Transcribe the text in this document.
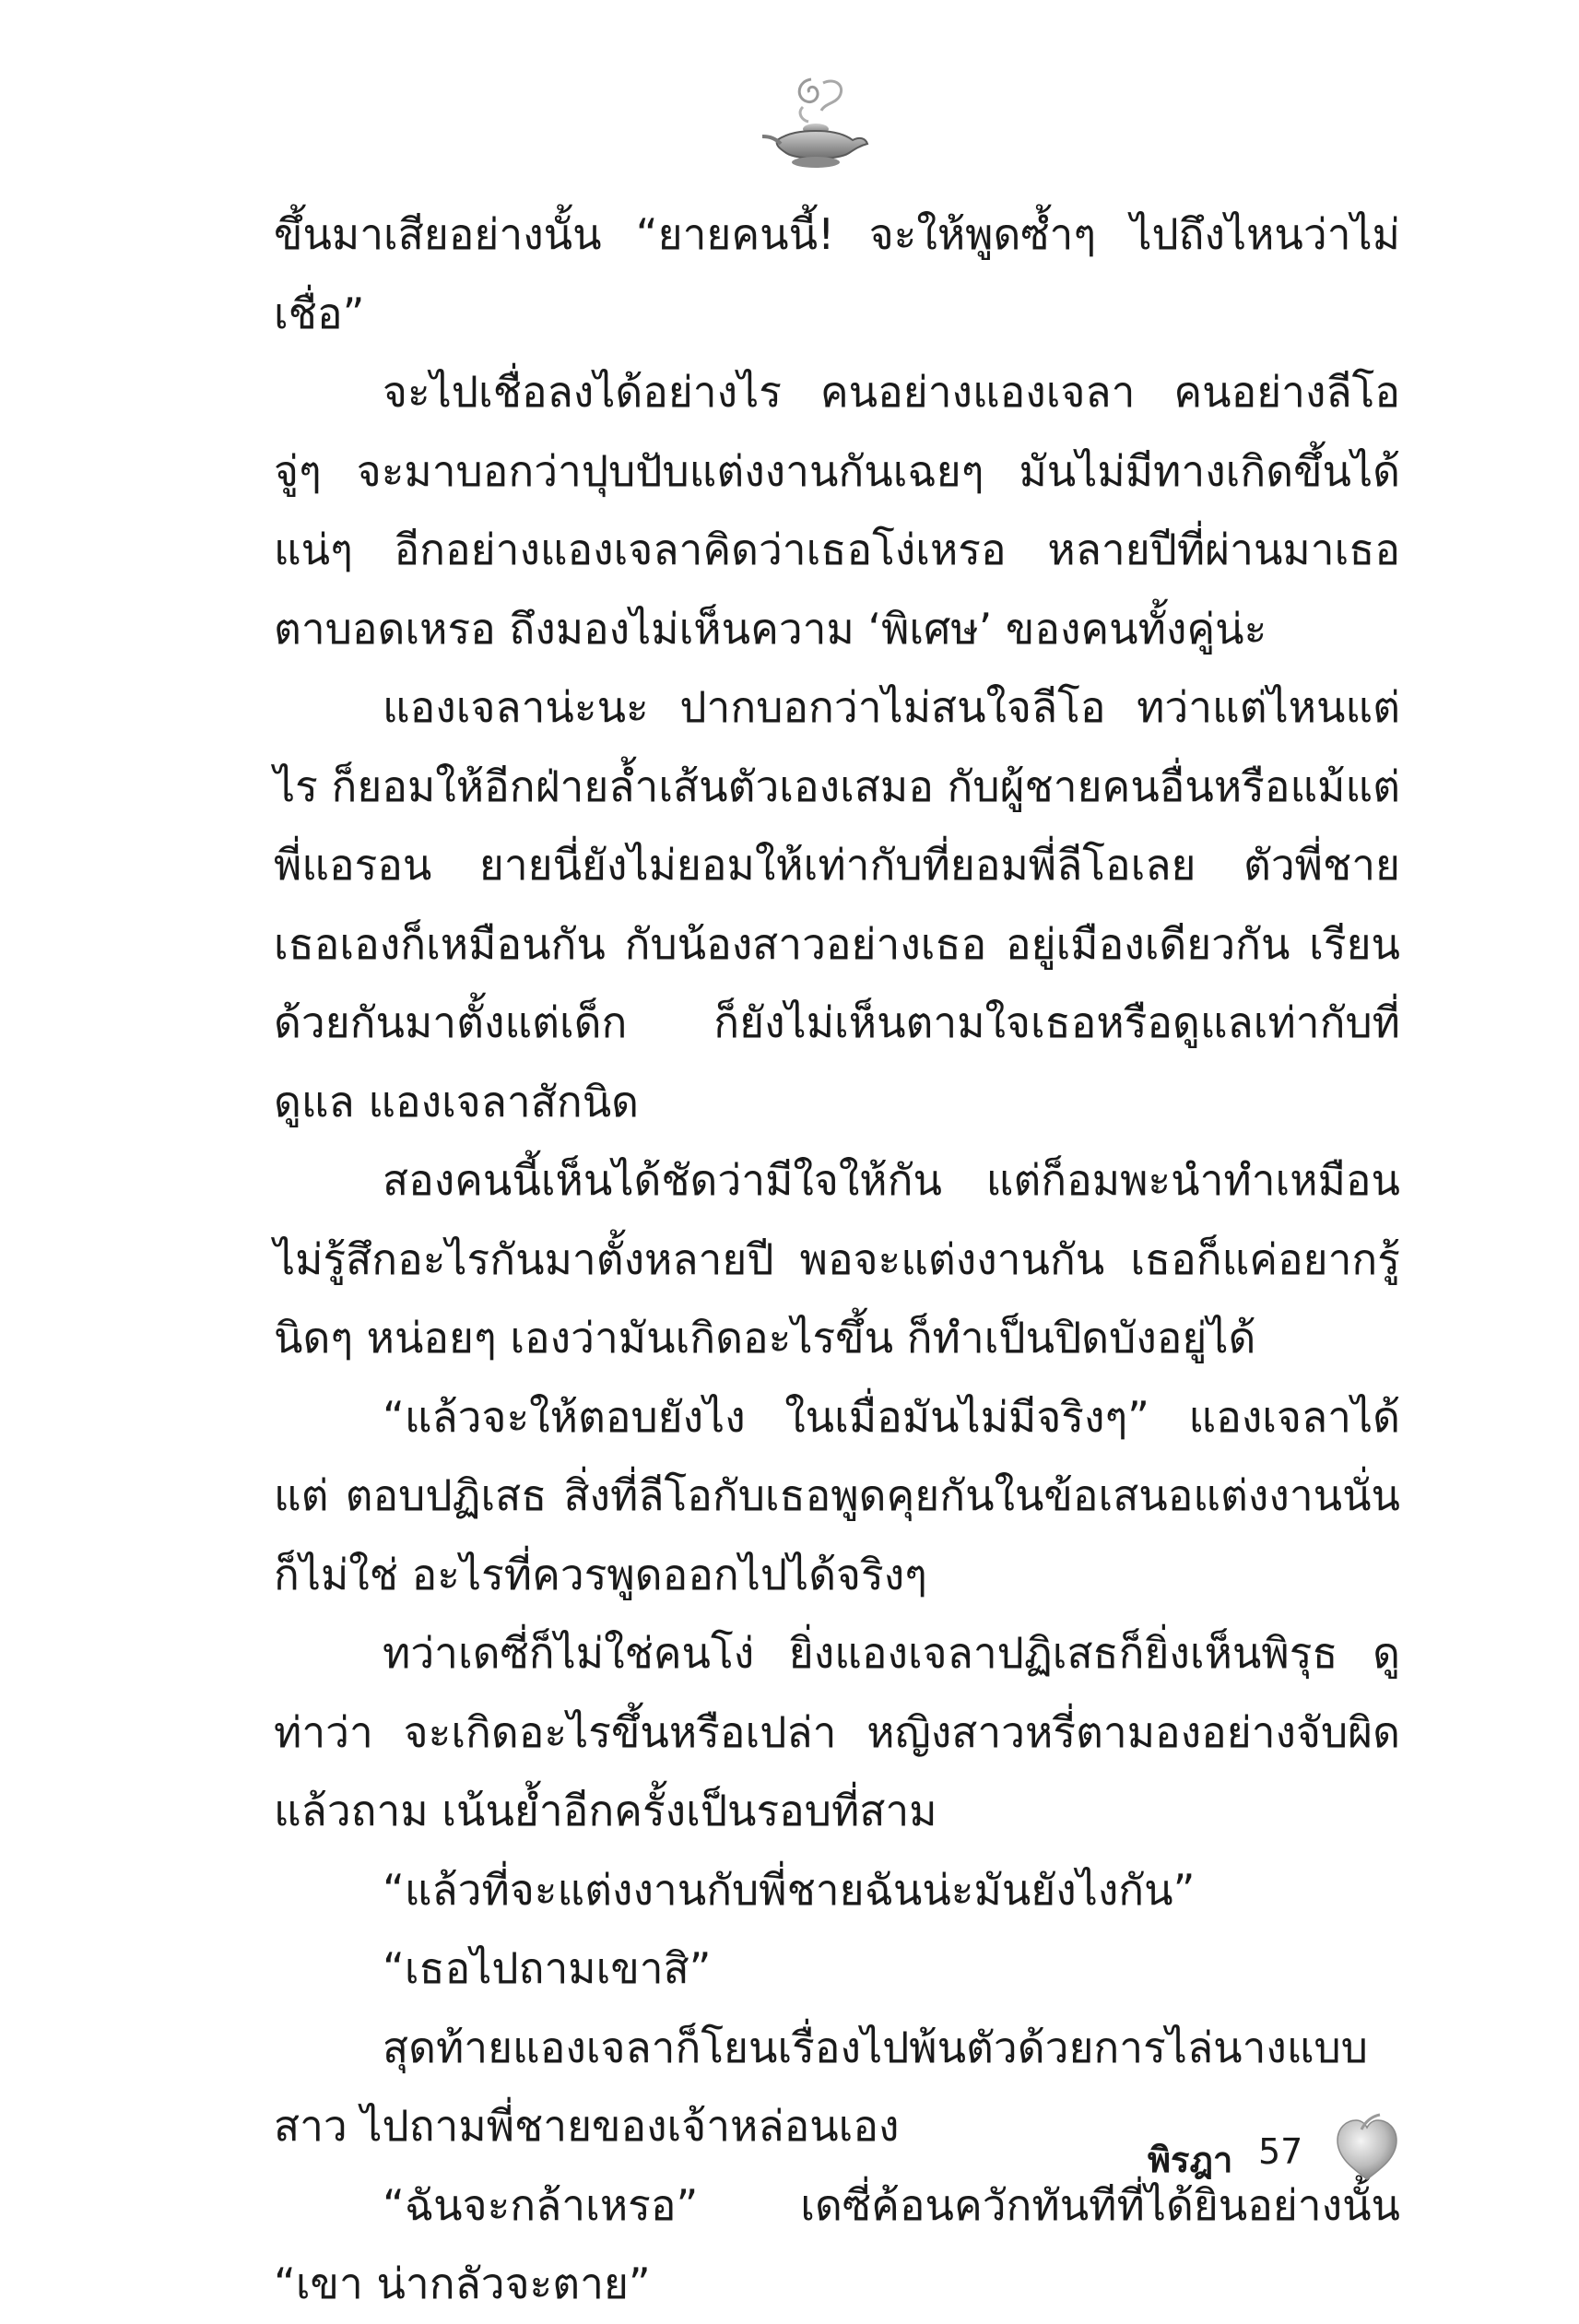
ขึ้นมาเสียอย่างนั้น “ยายคนนี้! จะให้พูดซ้ำๆ ไปถึงไหนว่าไม่เชื่อ”

จะไปเชื่อลงได้อย่างไร คนอย่างแองเจลา คนอย่างลีโอ จู่ๆ จะมาบอกว่าปุบปับแต่งงานกันเฉยๆ มันไม่มีทางเกิดขึ้นได้แน่ๆ อีกอย่างแองเจลาคิดว่าเธอโง่เหรอ หลายปีที่ผ่านมาเธอตาบอดเหรอ ถึงมองไม่เห็นความ ‘พิเศษ’ ของคนทั้งคู่น่ะ

แองเจลาน่ะนะ ปากบอกว่าไม่สนใจลีโอ ทว่าแต่ไหนแต่ไร ก็ยอมให้อีกฝ่ายล้ำเส้นตัวเองเสมอ กับผู้ชายคนอื่นหรือแม้แต่ พี่แอรอน ยายนี่ยังไม่ยอมให้เท่ากับที่ยอมพี่ลีโอเลย ตัวพี่ชาย เธอเองก็เหมือนกัน กับน้องสาวอย่างเธอ อยู่เมืองเดียวกัน เรียน ด้วยกันมาตั้งแต่เด็ก ก็ยังไม่เห็นตามใจเธอหรือดูแลเท่ากับที่ดูแล แองเจลาสักนิด

สองคนนี้เห็นได้ชัดว่ามีใจให้กัน แต่ก็อมพะนำทำเหมือน ไม่รู้สึกอะไรกันมาตั้งหลายปี พอจะแต่งงานกัน เธอก็แค่อยากรู้ นิดๆ หน่อยๆ เองว่ามันเกิดอะไรขึ้น ก็ทำเป็นปิดบังอยู่ได้

“แล้วจะให้ตอบยังไง ในเมื่อมันไม่มีจริงๆ” แองเจลาได้แต่ ตอบปฏิเสธ สิ่งที่ลีโอกับเธอพูดคุยกันในข้อเสนอแต่งงานนั่น ก็ไม่ใช่ อะไรที่ควรพูดออกไปได้จริงๆ

ทว่าเดซี่ก็ไม่ใช่คนโง่ ยิ่งแองเจลาปฏิเสธก็ยิ่งเห็นพิรุธ ดูท่าว่า จะเกิดอะไรขึ้นหรือเปล่า หญิงสาวหรี่ตามองอย่างจับผิด แล้วถาม เน้นย้ำอีกครั้งเป็นรอบที่สาม

“แล้วที่จะแต่งงานกับพี่ชายฉันน่ะมันยังไงกัน”

“เธอไปถามเขาสิ”

สุดท้ายแองเจลาก็โยนเรื่องไปพ้นตัวด้วยการไล่นางแบบสาว ไปถามพี่ชายของเจ้าหล่อนเอง

“ฉันจะกล้าเหรอ” เดซี่ค้อนควักทันทีที่ได้ยินอย่างนั้น “เขา น่ากลัวจะตาย”

พิรฎา 57
